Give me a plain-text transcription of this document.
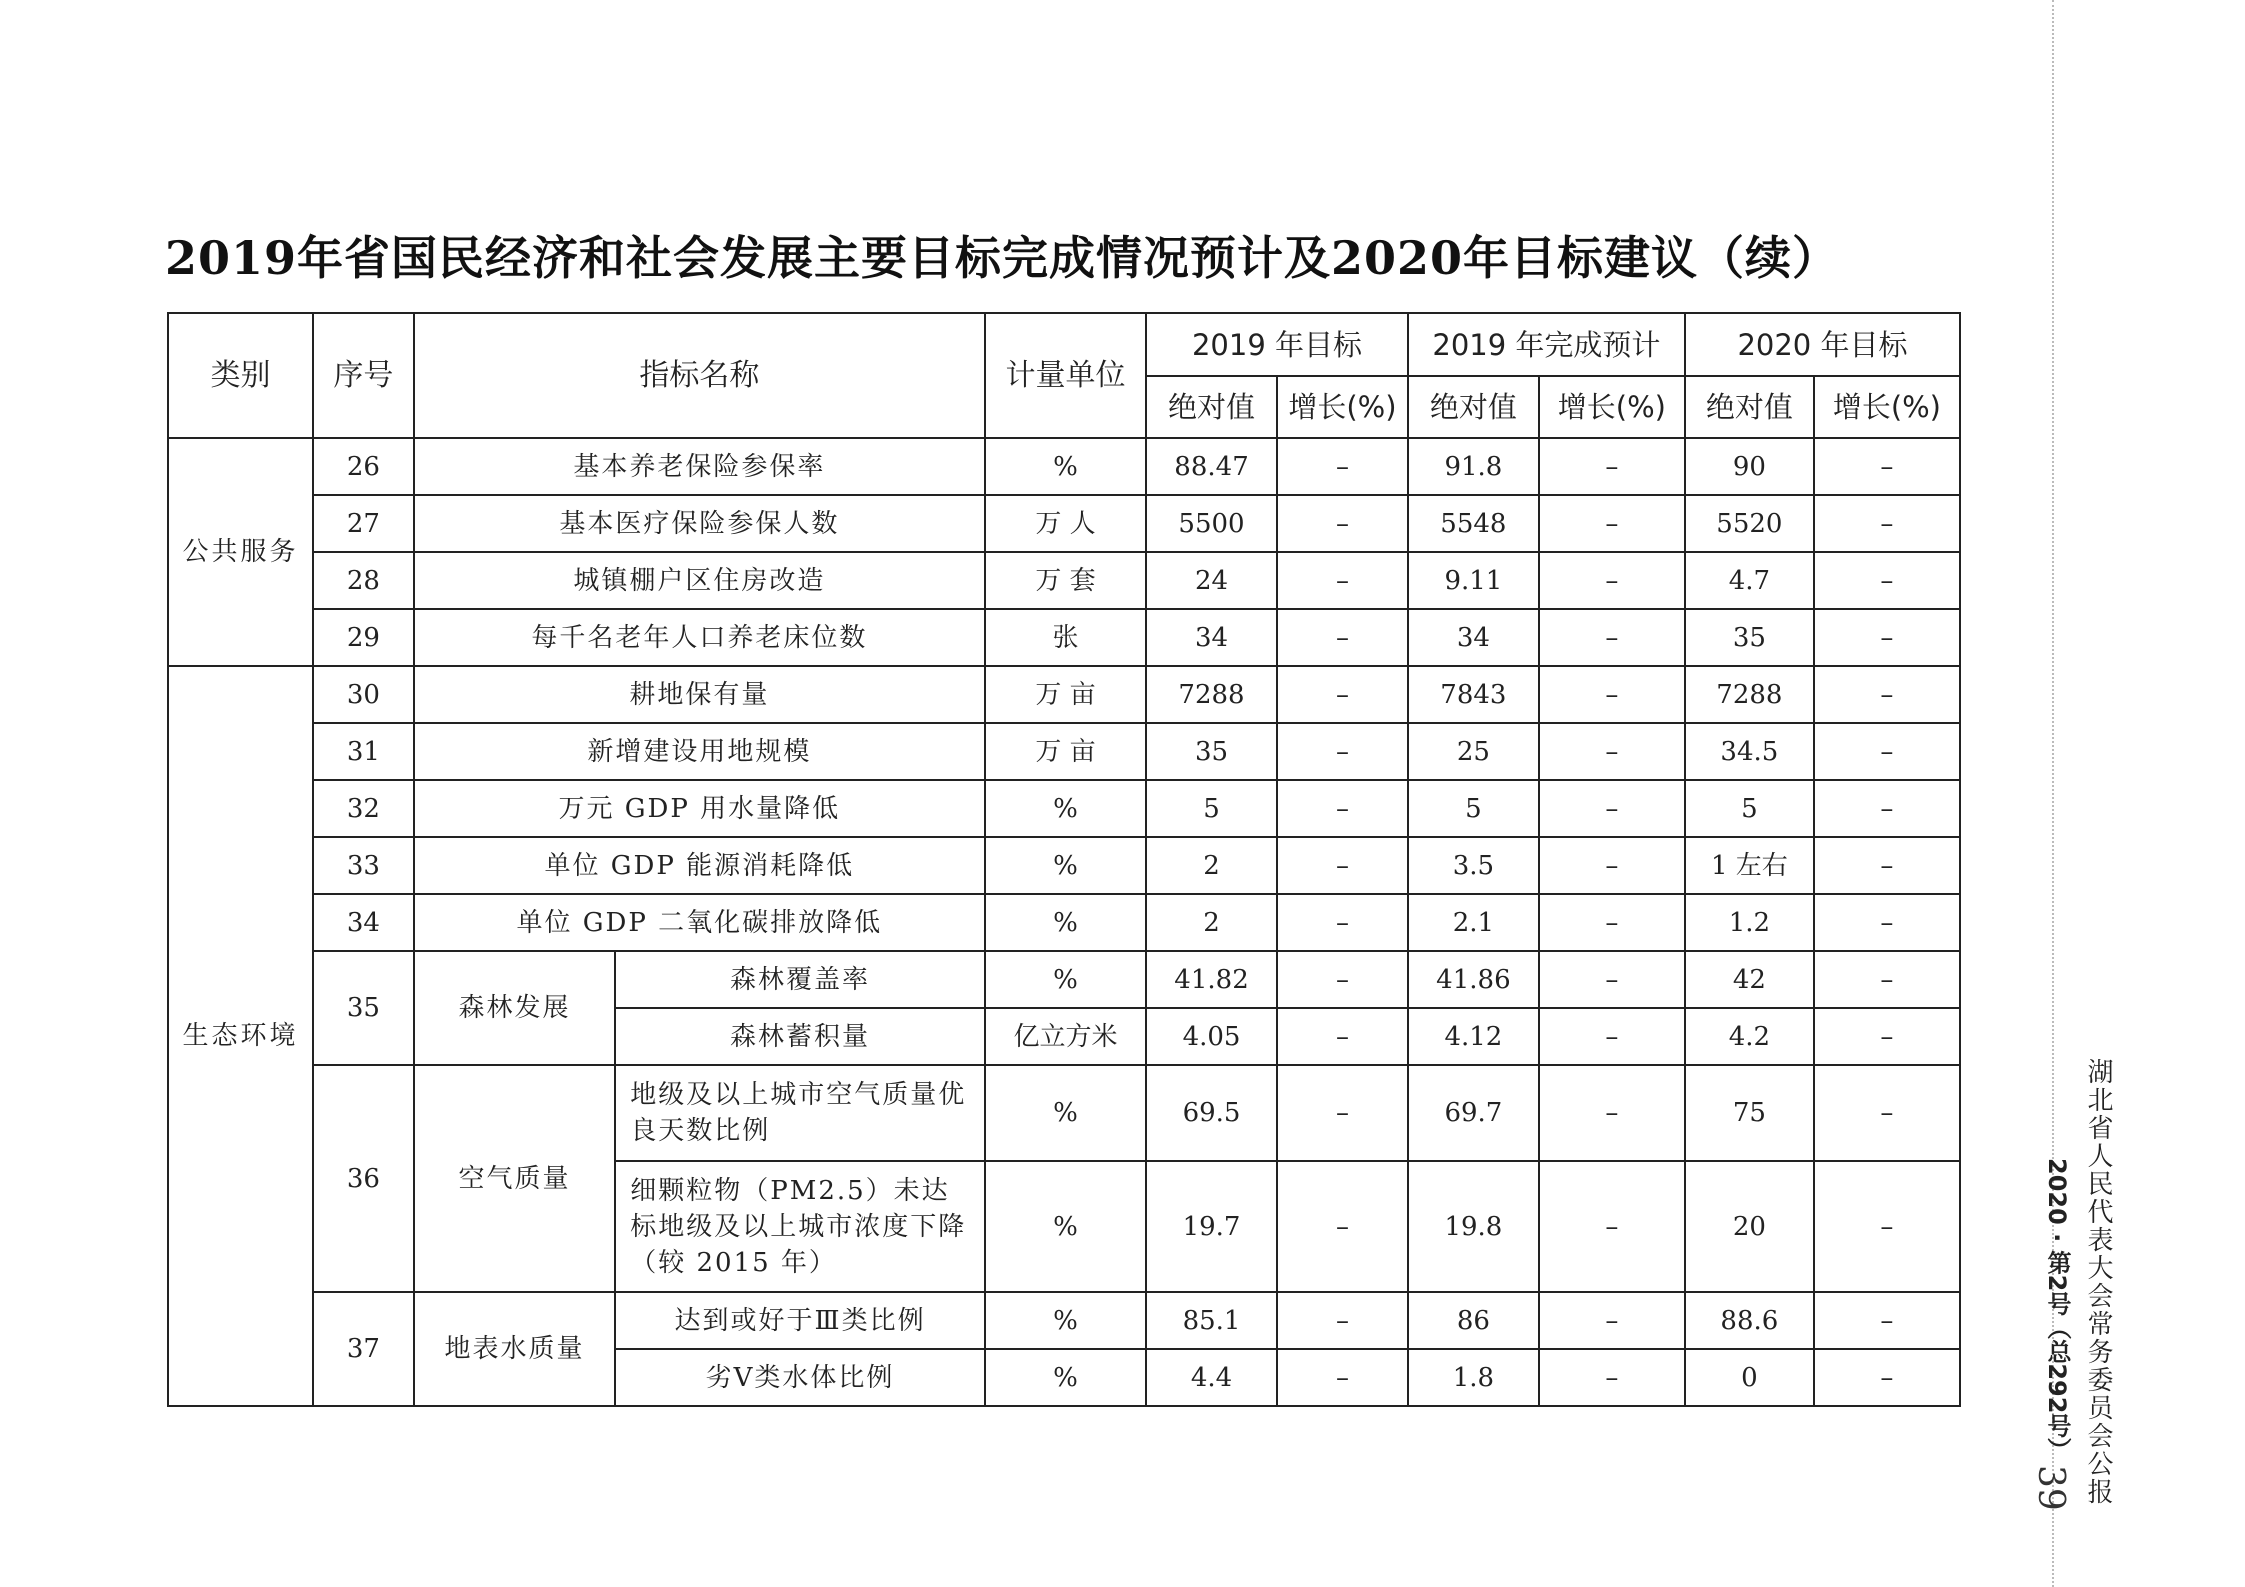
2019年省国民经济和社会发展主要目标完成情况预计及2020年目标建议（续）
类别	序号	指标名称		计量单位	2019 年目标		2019 年完成预计		2020 年目标	
					绝对值	增长(%)	绝对值	增长(%)	绝对值	增长(%)
公共服务	26	基本养老保险参保率		%	88.47	–	91.8	–	90	–
	27	基本医疗保险参保人数		万 人	5500	–	5548	–	5520	–
	28	城镇棚户区住房改造		万 套	24	–	9.11	–	4.7	–
	29	每千名老年人口养老床位数		张	34	–	34	–	35	–
生态环境	30	耕地保有量		万 亩	7288	–	7843	–	7288	–
	31	新增建设用地规模		万 亩	35	–	25	–	34.5	–
	32	万元 GDP 用水量降低		%	5	–	5	–	5	–
	33	单位 GDP 能源消耗降低		%	2	–	3.5	–	1 左右	–
	34	单位 GDP 二氧化碳排放降低		%	2	–	2.1	–	1.2	–
	35	森林发展	森林覆盖率	%	41.82	–	41.86	–	42	–
			森林蓄积量	亿立方米	4.05	–	4.12	–	4.2	–
	36	空气质量	地级及以上城市空气质量优良天数比例	%	69.5	–	69.7	–	75	–
			细颗粒物（PM2.5）未达标地级及以上城市浓度下降（较 2015 年）	%	19.7	–	19.8	–	20	–
	37	地表水质量	达到或好于Ⅲ类比例	%	85.1	–	86	–	88.6	–
			劣Ⅴ类水体比例	%	4.4	–	1.8	–	0	–	湖北省人民代表大会常务委员会公报
2020 · 第2号（总292号）
39
